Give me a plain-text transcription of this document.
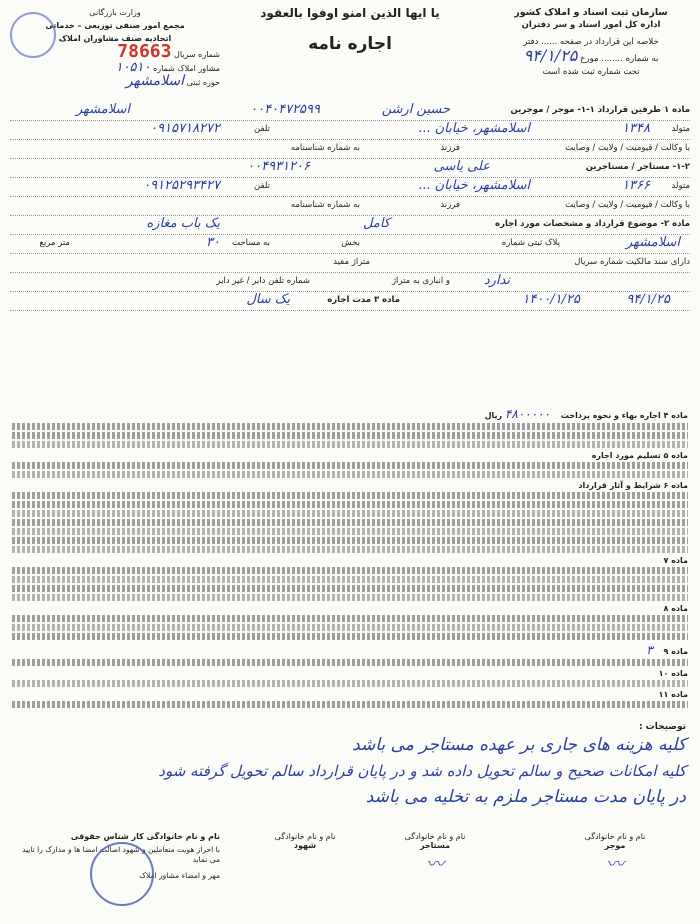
سازمان ثبت اسناد و املاک کشور
اداره کل امور اسناد و سر دفتران
خلاصه این قرارداد در صفحه ...... دفتر
به شماره ........ مورخ ۹۴/۱/۲۵
تحت شماره ثبت شده است
یا ایها الذین امنو اوفوا بالعقود
اجاره نامه
وزارت بازرگانی
مجمع امور صنفی توزیعی – خدماتی
اتحادیه صنف مشاوران املاک
شماره سریال 78663
مشاور املاک شماره ۱۰۵۱۰
حوزه ثبتی اسلامشهر
ماده ۱ طرفین قرارداد ۱-۱- موجر / موجرین
حسین ارشن
۰۰۴۰۴۷۲۵۹۹
اسلامشهر
متولد
۱۳۴۸
اسلامشهر، خیابان ...
تلفن
۰۹۱۵۷۱۸۲۷۲
با وکالت / قیومیت / ولایت / وصایت
فرزند
به شماره شناسنامه
۱-۲- مستاجر / مستاجرین
علی یاسی
۰۰۴۹۳۱۲۰۶
متولد
۱۳۶۶
اسلامشهر، خیابان ...
تلفن
۰۹۱۲۵۲۹۳۴۲۷
با وکالت / قیومیت / ولایت / وصایت
فرزند
به شماره شناسنامه
ماده ۲- موضوع قرارداد و مشخصات مورد اجاره
کامل
یک باب مغازه
اسلامشهر
پلاک ثبتی شماره
بخش
به مساحت
۳۰
متر مربع
دارای سند مالکیت شماره سریال
متراژ مفید
ندارد
و انباری به متراژ
شماره تلفن دایر / غیر دایر
۹۴/۱/۲۵
۱۴۰۰/۱/۲۵
ماده ۳ مدت اجاره
یک سال
ماده ۴ اجاره بهاء و نحوه پرداخت ۴۸۰۰۰۰۰ ریال
ماده ۵ تسلیم مورد اجاره
ماده ۶ شرایط و آثار قرارداد
ماده ۷
ماده ۸
ماده ۹ ۳
ماده ۱۰
ماده ۱۱
توضیحات :
کلیه هزینه های جاری بر عهده مستاجر می باشد
کلیه امکانات صحیح و سالم تحویل داده شد و در پایان قرارداد سالم تحویل گرفته شود
در پایان مدت مستاجر ملزم به تخلیه می باشد
نام و نام خانوادگی
موجر
〰
نام و نام خانوادگی
مستاجر
〰
نام و نام خانوادگی
شهود
نام و نام خانوادگی کار شناس حقوقی
با احراز هویت متعاملین و شهود اصالت امضا ها و مدارک را تایید می نماید
مهر و امضاء مشاور املاک
